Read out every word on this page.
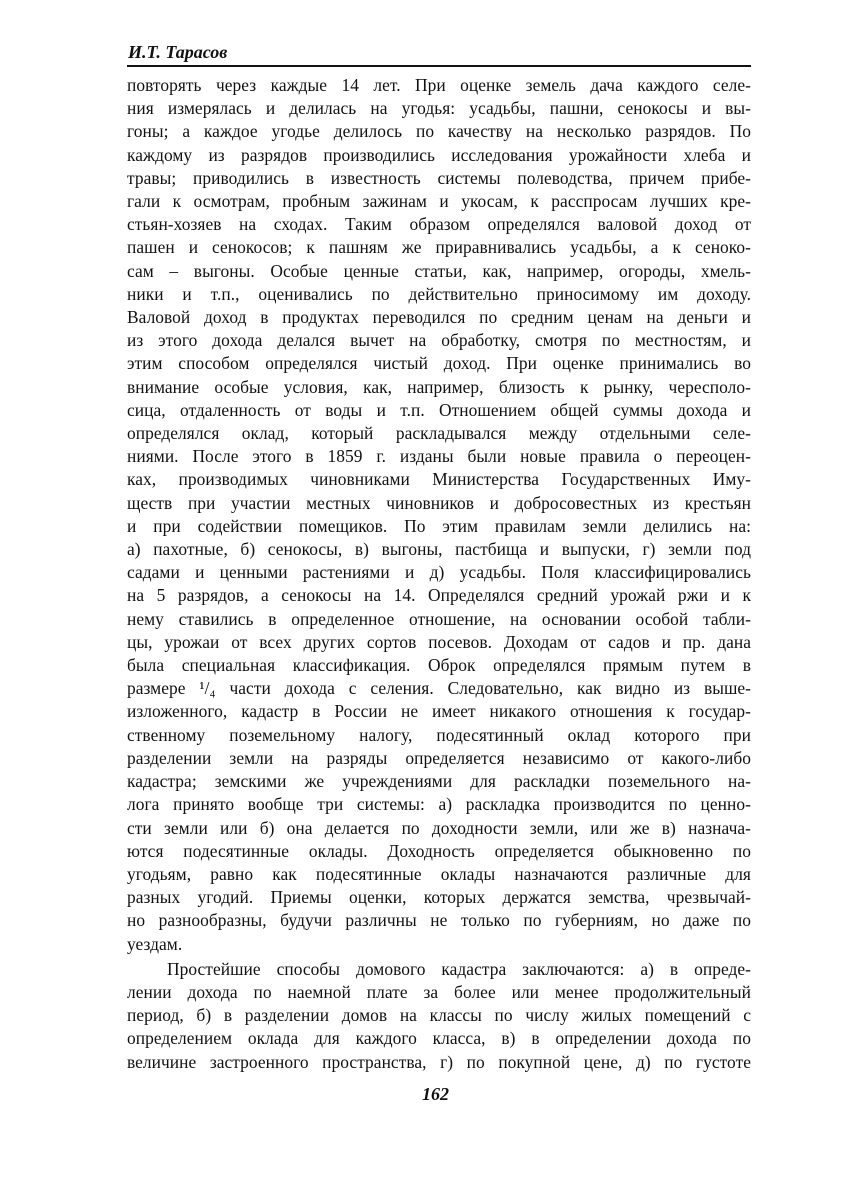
И.Т. Тарасов

повторять через каждые 14 лет. При оценке земель дача каждого селе-
ния измерялась и делилась на угодья: усадьбы, пашни, сенокосы и вы-
гоны; а каждое угодье делилось по качеству на несколько разрядов. По
каждому из разрядов производились исследования урожайности хлеба и
травы; приводились в известность системы полеводства, причем прибе-
гали к осмотрам, пробным зажинам и укосам, к расспросам лучших кре-
стьян-хозяев на сходах. Таким образом определялся валовой доход от
пашен и сенокосов; к пашням же приравнивались усадьбы, а к сеноко-
сам – выгоны. Особые ценные статьи, как, например, огороды, хмель-
ники и т.п., оценивались по действительно приносимому им доходу.
Валовой доход в продуктах переводился по средним ценам на деньги и
из этого дохода делался вычет на обработку, смотря по местностям, и
этим способом определялся чистый доход. При оценке принимались во
внимание особые условия, как, например, близость к рынку, чересполо-
сица, отдаленность от воды и т.п. Отношением общей суммы дохода и
определялся оклад, который раскладывался между отдельными селе-
ниями. После этого в 1859 г. изданы были новые правила о переоцен-
ках, производимых чиновниками Министерства Государственных Иму-
ществ при участии местных чиновников и добросовестных из крестьян
и при содействии помещиков. По этим правилам земли делились на:
а) пахотные, б) сенокосы, в) выгоны, пастбища и выпуски, г) земли под
садами и ценными растениями и д) усадьбы. Поля классифицировались
на 5 разрядов, а сенокосы на 14. Определялся средний урожай ржи и к
нему ставились в определенное отношение, на основании особой табли-
цы, урожаи от всех других сортов посевов. Доходам от садов и пр. дана
была специальная классификация. Оброк определялся прямым путем в
размере ¹/₄ части дохода с селения. Следовательно, как видно из выше-
изложенного, кадастр в России не имеет никакого отношения к государ-
ственному поземельному налогу, подесятинный оклад которого при
разделении земли на разряды определяется независимо от какого-либо
кадастра; земскими же учреждениями для раскладки поземельного на-
лога принято вообще три системы: а) раскладка производится по ценно-
сти земли или б) она делается по доходности земли, или же в) назнача-
ются подесятинные оклады. Доходность определяется обыкновенно по
угодьям, равно как подесятинные оклады назначаются различные для
разных угодий. Приемы оценки, которых держатся земства, чрезвычай-
но разнообразны, будучи различны не только по губерниям, но даже по
уездам.

Простейшие способы домового кадастра заключаются: а) в опреде-
лении дохода по наемной плате за более или менее продолжительный
период, б) в разделении домов на классы по числу жилых помещений с
определением оклада для каждого класса, в) в определении дохода по
величине застроенного пространства, г) по покупной цене, д) по густоте

162
